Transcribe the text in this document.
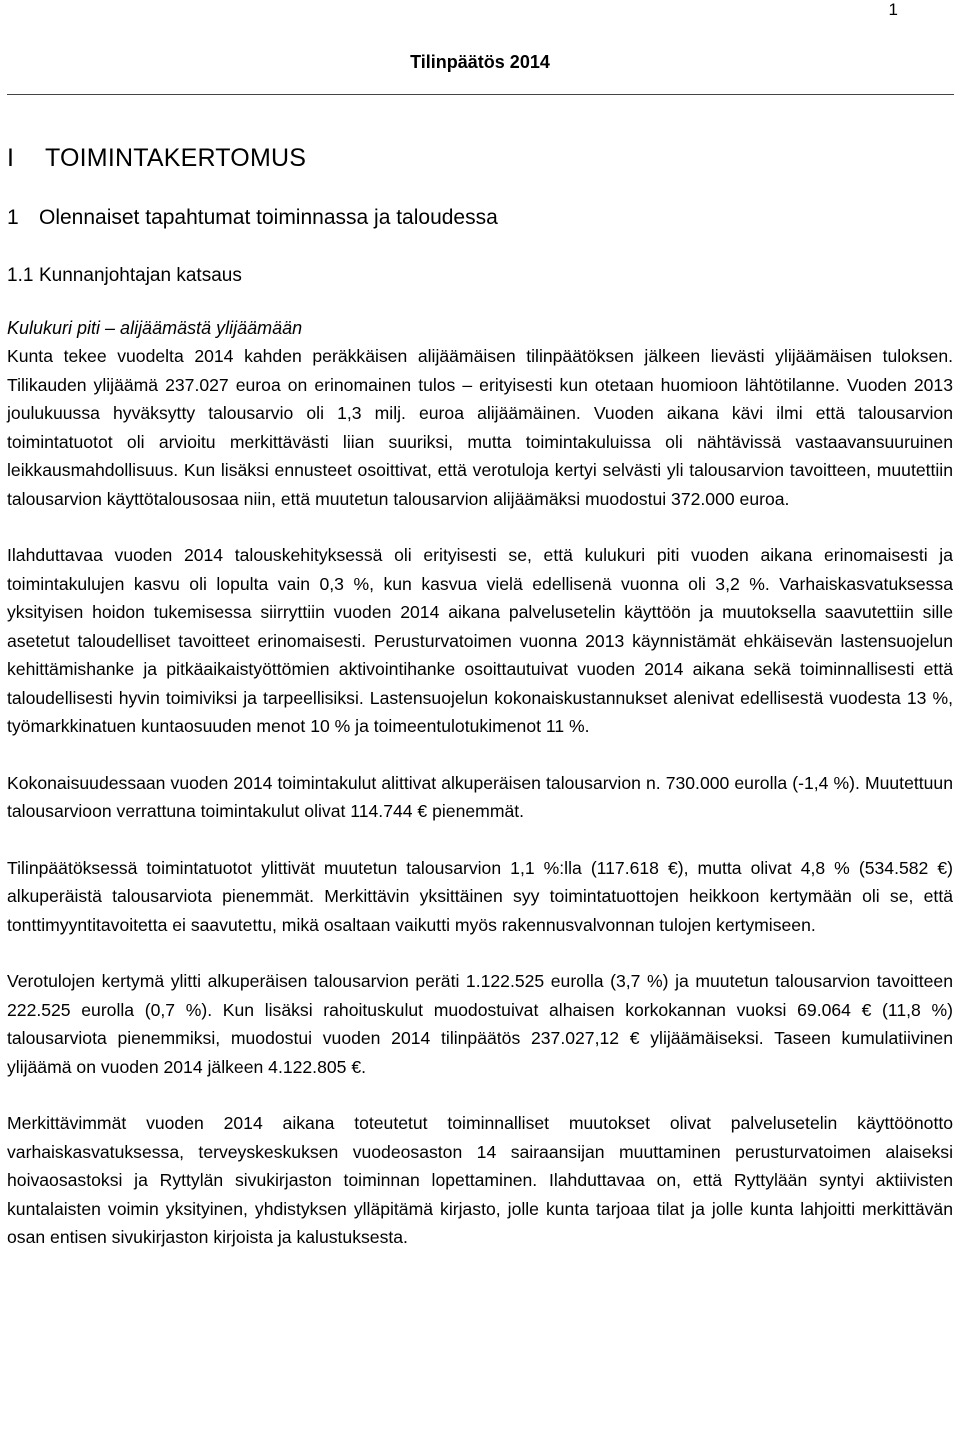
1
Tilinpäätös 2014
I TOIMINTAKERTOMUS
1 Olennaiset tapahtumat toiminnassa ja taloudessa
1.1 Kunnanjohtajan katsaus
Kulukuri piti – alijäämästä ylijäämään

Kunta tekee vuodelta 2014 kahden peräkkäisen alijäämäisen tilinpäätöksen jälkeen lievästi ylijäämäisen tuloksen. Tilikauden ylijäämä 237.027 euroa on erinomainen tulos – erityisesti kun otetaan huomioon lähtötilanne. Vuoden 2013 joulukuussa hyväksytty talousarvio oli 1,3 milj. euroa alijäämäinen. Vuoden aikana kävi ilmi että talousarvion toimintatuotot oli arvioitu merkittävästi liian suuriksi, mutta toimintakuluissa oli nähtävissä vastaavansuuruinen leikkausmahdollisuus. Kun lisäksi ennusteet osoittivat, että verotuloja kertyi selvästi yli talousarvion tavoitteen, muutettiin talousarvion käyttötalousosaa niin, että muutetun talousarvion alijäämäksi muodostui 372.000 euroa.

Ilahduttavaa vuoden 2014 talouskehityksessä oli erityisesti se, että kulukuri piti vuoden aikana erinomaisesti ja toimintakulujen kasvu oli lopulta vain 0,3 %, kun kasvua vielä edellisenä vuonna oli 3,2 %. Varhaiskasvatuksessa yksityisen hoidon tukemisessa siirryttiin vuoden 2014 aikana palvelusetelin käyttöön ja muutoksella saavutettiin sille asetetut taloudelliset tavoitteet erinomaisesti. Perusturvatoimen vuonna 2013 käynnistämät ehkäisevän lastensuojelun kehittämishanke ja pitkäaikaistyöttömien aktivointihanke osoittautuivat vuoden 2014 aikana sekä toiminnallisesti että taloudellisesti hyvin toimiviksi ja tarpeellisiksi. Lastensuojelun kokonaiskustannukset alenivat edellisestä vuodesta 13 %, työmarkkinatuen kuntaosuuden menot 10 % ja toimeentulotukimenot 11 %.

Kokonaisuudessaan vuoden 2014 toimintakulut alittivat alkuperäisen talousarvion n. 730.000 eurolla (-1,4 %). Muutettuun talousarvioon verrattuna toimintakulut olivat 114.744 € pienemmät.

Tilinpäätöksessä toimintatuotot ylittivät muutetun talousarvion 1,1 %:lla (117.618 €), mutta olivat 4,8 % (534.582 €) alkuperäistä talousarviota pienemmät. Merkittävin yksittäinen syy toimintatuottojen heikkoon kertymään oli se, että tonttimyyntitavoitetta ei saavutettu, mikä osaltaan vaikutti myös rakennusvalvonnan tulojen kertymiseen.

Verotulojen kertymä ylitti alkuperäisen talousarvion peräti 1.122.525 eurolla (3,7 %) ja muutetun talousarvion tavoitteen 222.525 eurolla (0,7 %). Kun lisäksi rahoituskulut muodostuivat alhaisen korkokannan vuoksi 69.064 € (11,8 %) talousarviota pienemmiksi, muodostui vuoden 2014 tilinpäätös 237.027,12 € ylijäämäiseksi. Taseen kumulatiivinen ylijäämä on vuoden 2014 jälkeen 4.122.805 €.

Merkittävimmät vuoden 2014 aikana toteutetut toiminnalliset muutokset olivat palvelusetelin käyttöönotto varhaiskasvatuksessa, terveyskeskuksen vuodeosaston 14 sairaansijan muuttaminen perusturvatoimen alaiseksi hoivaosastoksi ja Ryttylän sivukirjaston toiminnan lopettaminen. Ilahduttavaa on, että Ryttylään syntyi aktiivisten kuntalaisten voimin yksityinen, yhdistyksen ylläpitämä kirjasto, jolle kunta tarjoaa tilat ja jolle kunta lahjoitti merkittävän osan entisen sivukirjaston kirjoista ja kalustuksesta.
